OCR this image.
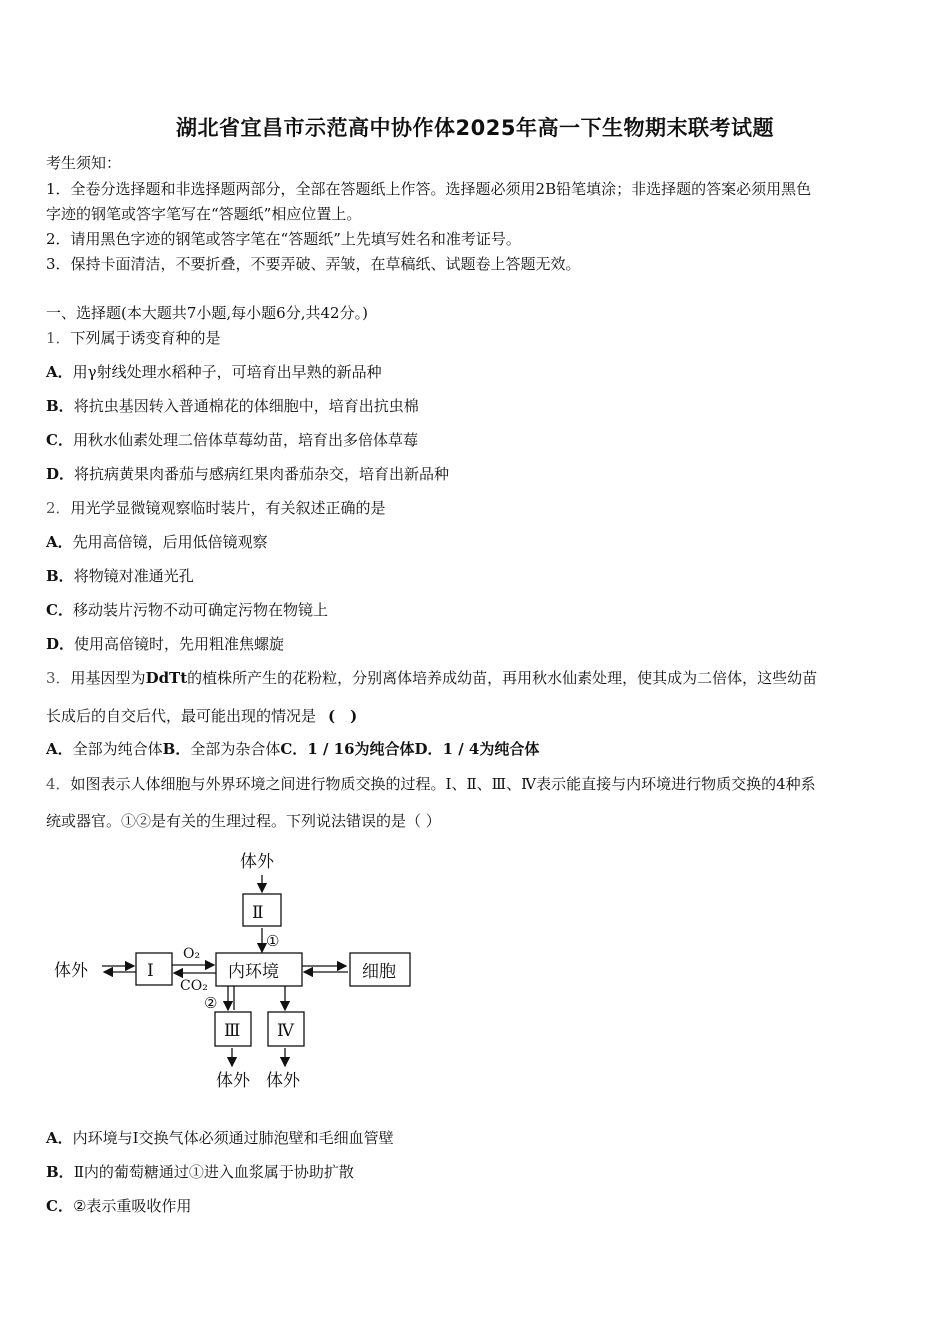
湖北省宜昌市示范高中协作体2025年高一下生物期末联考试题
考生须知：
1．全卷分选择题和非选择题两部分，全部在答题纸上作答。选择题必须用2B铅笔填涂；非选择题的答案必须用黑色
字迹的钢笔或答字笔写在“答题纸”相应位置上。
2．请用黑色字迹的钢笔或答字笔在“答题纸”上先填写姓名和准考证号。
3．保持卡面清洁，不要折叠，不要弄破、弄皱，在草稿纸、试题卷上答题无效。
一、选择题(本大题共7小题,每小题6分,共42分。)
1．下列属于诱变育种的是
A．用γ射线处理水稻种子，可培育出早熟的新品种
B．将抗虫基因转入普通棉花的体细胞中，培育出抗虫棉
C．用秋水仙素处理二倍体草莓幼苗，培育出多倍体草莓
D．将抗病黄果肉番茄与感病红果肉番茄杂交，培育出新品种
2．用光学显微镜观察临时装片，有关叙述正确的是
A．先用高倍镜，后用低倍镜观察
B．将物镜对准通光孔
C．移动装片污物不动可确定污物在物镜上
D．使用高倍镜时，先用粗准焦螺旋
3．用基因型为DdTt的植株所产生的花粉粒，分别离体培养成幼苗，再用秋水仙素处理，使其成为二倍体，这些幼苗
长成后的自交后代，最可能出现的情况是 (　)
A．全部为纯合体B．全部为杂合体C．1 / 16为纯合体D．1 / 4为纯合体
4．如图表示人体细胞与外界环境之间进行物质交换的过程。Ⅰ、Ⅱ、Ⅲ、Ⅳ表示能直接与内环境进行物质交换的4种系
统或器官。①②是有关的生理过程。下列说法错误的是（ ）
体外
Ⅱ
①
体外	Ⅰ
O₂
CO₂
内环境	细胞
②
Ⅲ Ⅳ
体外 体外
A．内环境与Ⅰ交换气体必须通过肺泡壁和毛细血管壁
B．Ⅱ内的葡萄糖通过①进入血浆属于协助扩散
C．②表示重吸收作用
